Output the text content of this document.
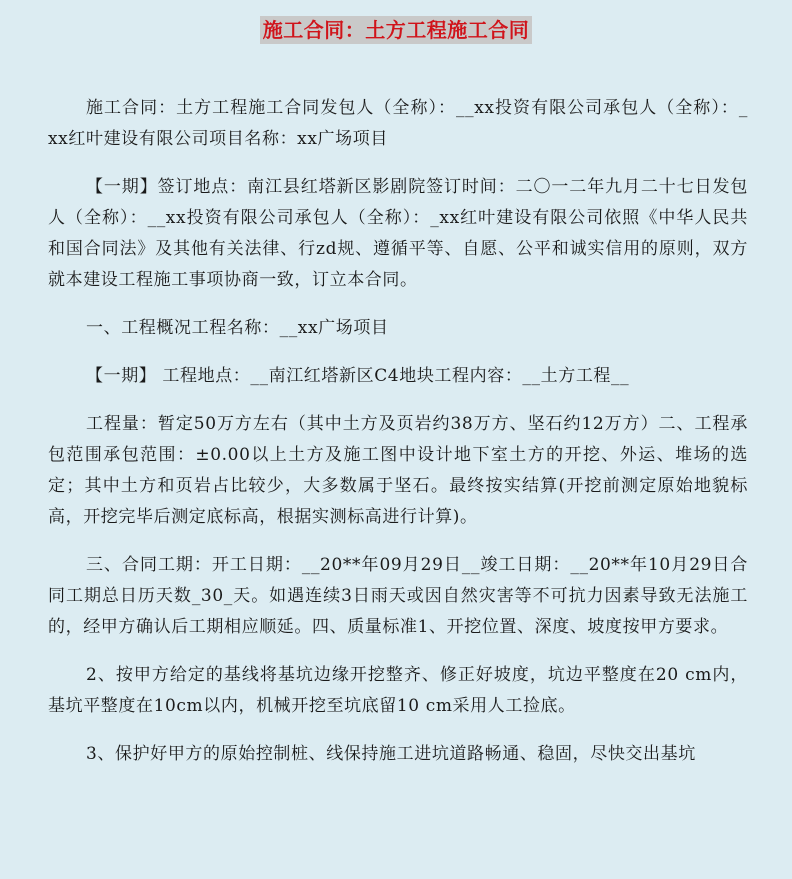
施工合同：土方工程施工合同

施工合同：土方工程施工合同发包人（全称）：__xx投资有限公司承包人（全称）：_ xx红叶建设有限公司项目名称：xx广场项目

【一期】签订地点：南江县红塔新区影剧院签订时间：二〇一二年九月二十七日发包人（全称）：__xx投资有限公司承包人（全称）：_xx红叶建设有限公司依照《中华人民共和国合同法》及其他有关法律、行zd规、遵循平等、自愿、公平和诚实信用的原则，双方就本建设工程施工事项协商一致，订立本合同。

一、工程概况工程名称：__xx广场项目

【一期】 工程地点：__南江红塔新区C4地块工程内容：__土方工程__

工程量：暂定50万方左右（其中土方及页岩约38万方、坚石约12万方）二、工程承包范围承包范围：±0.00以上土方及施工图中设计地下室土方的开挖、外运、堆场的选定；其中土方和页岩占比较少，大多数属于坚石。最终按实结算(开挖前测定原始地貌标高，开挖完毕后测定底标高，根据实测标高进行计算)。

三、合同工期：开工日期：__20**年09月29日__竣工日期：__20**年10月29日合同工期总日历天数_30_天。如遇连续3日雨天或因自然灾害等不可抗力因素导致无法施工的，经甲方确认后工期相应顺延。四、质量标准1、开挖位置、深度、坡度按甲方要求。

2、按甲方给定的基线将基坑边缘开挖整齐、修正好坡度，坑边平整度在20 cm内，基坑平整度在10cm以内，机械开挖至坑底留10 cm采用人工捡底。

3、保护好甲方的原始控制桩、线保持施工进坑道路畅通、稳固，尽快交出基坑
